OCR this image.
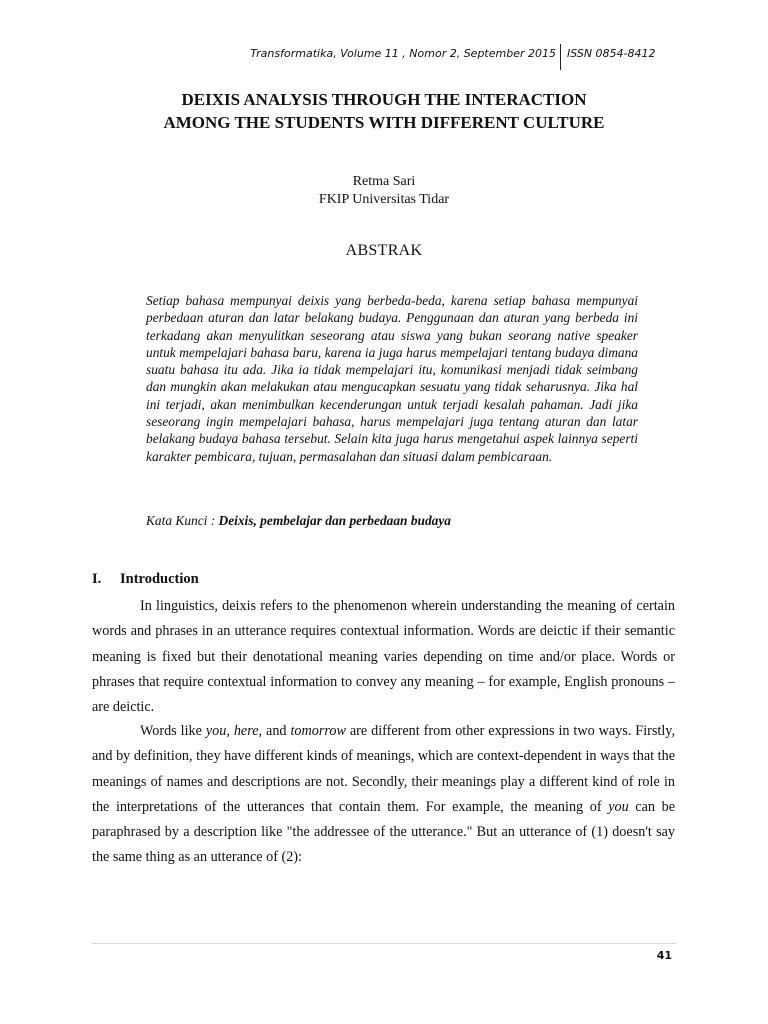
Transformatika, Volume 11 , Nomor 2, September 2015 ISSN 0854-8412
DEIXIS ANALYSIS THROUGH THE INTERACTION
AMONG THE STUDENTS WITH DIFFERENT CULTURE
Retma Sari
FKIP Universitas Tidar
ABSTRAK
Setiap bahasa mempunyai deixis yang berbeda-beda, karena setiap bahasa mempunyai perbedaan aturan dan latar belakang budaya. Penggunaan dan aturan yang berbeda ini terkadang akan menyulitkan seseorang atau siswa yang bukan seorang native speaker untuk mempelajari bahasa baru, karena ia juga harus mempelajari tentang budaya dimana suatu bahasa itu ada. Jika ia tidak mempelajari itu, komunikasi menjadi tidak seimbang dan mungkin akan melakukan atau mengucapkan sesuatu yang tidak seharusnya. Jika hal ini terjadi, akan menimbulkan kecenderungan untuk terjadi kesalah pahaman. Jadi jika seseorang ingin mempelajari bahasa, harus mempelajari juga tentang aturan dan latar belakang budaya bahasa tersebut. Selain kita juga harus mengetahui aspek lainnya seperti karakter pembicara, tujuan, permasalahan dan situasi dalam pembicaraan.
Kata Kunci : Deixis, pembelajar dan perbedaan budaya
I. Introduction

In linguistics, deixis refers to the phenomenon wherein understanding the meaning of certain words and phrases in an utterance requires contextual information. Words are deictic if their semantic meaning is fixed but their denotational meaning varies depending on time and/or place. Words or phrases that require contextual information to convey any meaning – for example, English pronouns – are deictic.

Words like you, here, and tomorrow are different from other expressions in two ways. Firstly, and by definition, they have different kinds of meanings, which are context-dependent in ways that the meanings of names and descriptions are not. Secondly, their meanings play a different kind of role in the interpretations of the utterances that contain them. For example, the meaning of you can be paraphrased by a description like "the addressee of the utterance." But an utterance of (1) doesn't say the same thing as an utterance of (2):

41
